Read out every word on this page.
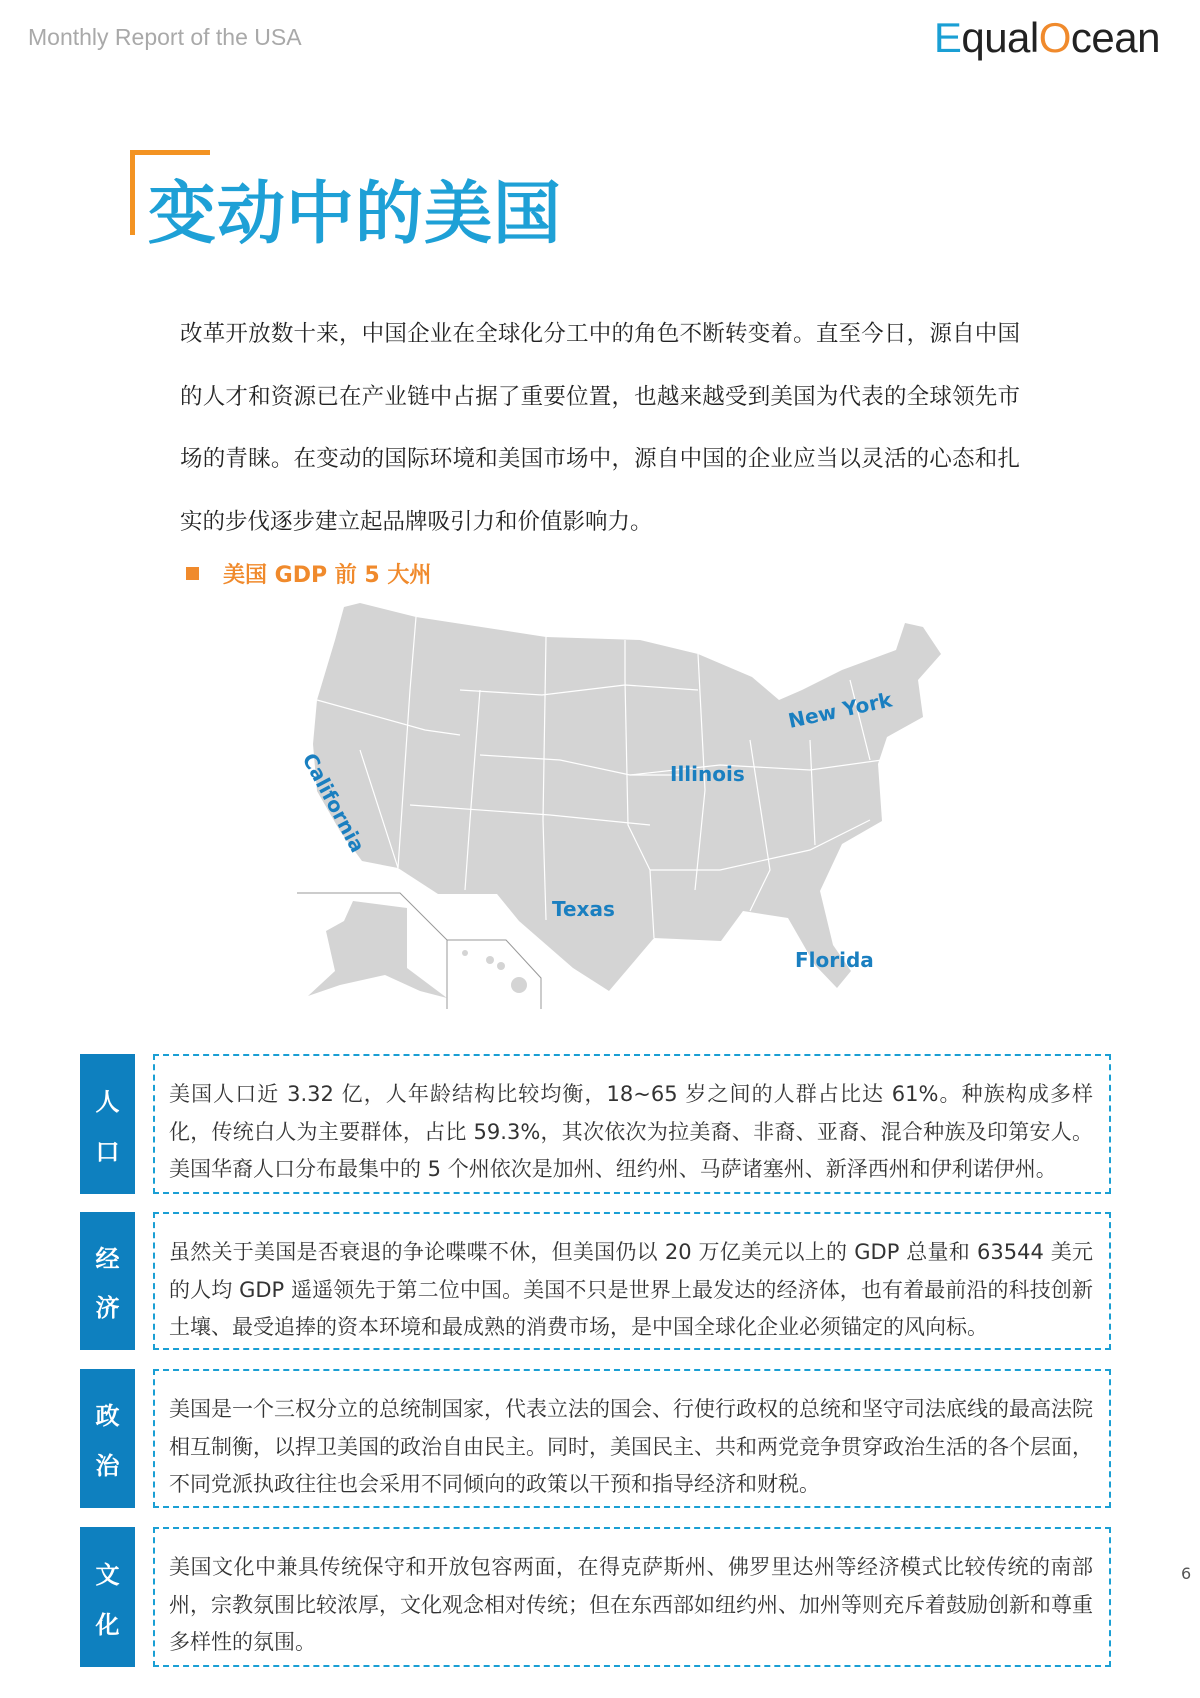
Monthly Report of the USA	EqualOcean
变动中的美国
改革开放数十来，中国企业在全球化分工中的角色不断转变着。直至今日，源自中国的人才和资源已在产业链中占据了重要位置，也越来越受到美国为代表的全球领先市场的青睐。在变动的国际环境和美国市场中，源自中国的企业应当以灵活的心态和扎实的步伐逐步建立起品牌吸引力和价值影响力。
美国 GDP 前 5 大州
California
Texas
New York
Florida
Illinois
人
口
美国人口近 3.32 亿，人年龄结构比较均衡，18~65 岁之间的人群占比达 61%。种族构成多样化，传统白人为主要群体，占比 59.3%，其次依次为拉美裔、非裔、亚裔、混合种族及印第安人。美国华裔人口分布最集中的 5 个州依次是加州、纽约州、马萨诸塞州、新泽西州和伊利诺伊州。
经
济
虽然关于美国是否衰退的争论喋喋不休，但美国仍以 20 万亿美元以上的 GDP 总量和 63544 美元的人均 GDP 遥遥领先于第二位中国。美国不只是世界上最发达的经济体，也有着最前沿的科技创新土壤、最受追捧的资本环境和最成熟的消费市场，是中国全球化企业必须锚定的风向标。
政
治
美国是一个三权分立的总统制国家，代表立法的国会、行使行政权的总统和坚守司法底线的最高法院相互制衡，以捍卫美国的政治自由民主。同时，美国民主、共和两党竞争贯穿政治生活的各个层面，不同党派执政往往也会采用不同倾向的政策以干预和指导经济和财税。
文
化
美国文化中兼具传统保守和开放包容两面，在得克萨斯州、佛罗里达州等经济模式比较传统的南部州，宗教氛围比较浓厚，文化观念相对传统；但在东西部如纽约州、加州等则充斥着鼓励创新和尊重多样性的氛围。
6
